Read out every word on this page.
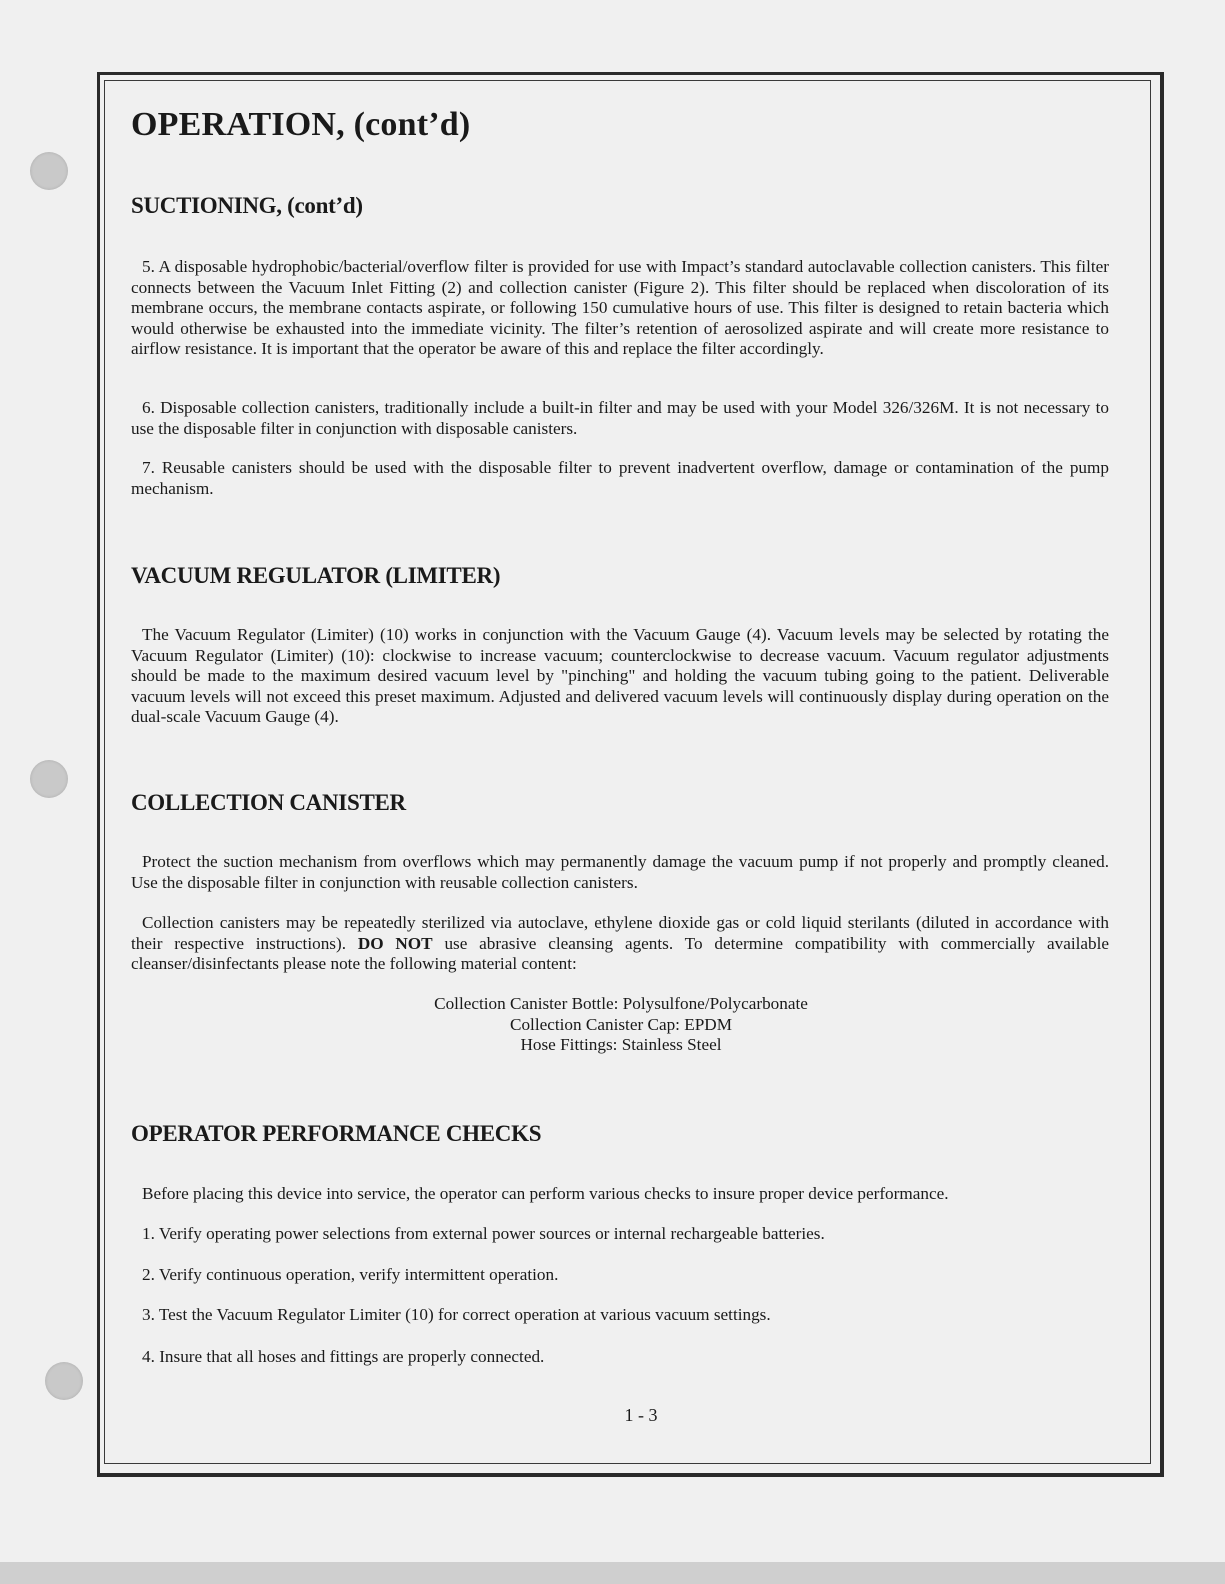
OPERATION, (cont’d)
SUCTIONING, (cont’d)

5. A disposable hydrophobic/bacterial/overflow filter is provided for use with Impact’s standard autoclavable collection canisters. This filter connects between the Vacuum Inlet Fitting (2) and collection canister (Figure 2). This filter should be replaced when discoloration of its membrane occurs, the membrane contacts aspirate, or following 150 cumulative hours of use. This filter is designed to retain bacteria which would otherwise be exhausted into the immediate vicinity. The filter’s retention of aerosolized aspirate and will create more resistance to airflow resistance. It is important that the operator be aware of this and replace the filter accordingly.

6. Disposable collection canisters, traditionally include a built-in filter and may be used with your Model 326/326M. It is not necessary to use the disposable filter in conjunction with disposable canisters.

7. Reusable canisters should be used with the disposable filter to prevent inadvertent overflow, damage or contamination of the pump mechanism.

VACUUM REGULATOR (LIMITER)

The Vacuum Regulator (Limiter) (10) works in conjunction with the Vacuum Gauge (4). Vacuum levels may be selected by rotating the Vacuum Regulator (Limiter) (10): clockwise to increase vacuum; counterclockwise to decrease vacuum. Vacuum regulator adjustments should be made to the maximum desired vacuum level by "pinching" and holding the vacuum tubing going to the patient. Deliverable vacuum levels will not exceed this preset maximum. Adjusted and delivered vacuum levels will continuously display during operation on the dual-scale Vacuum Gauge (4).

COLLECTION CANISTER

Protect the suction mechanism from overflows which may permanently damage the vacuum pump if not properly and promptly cleaned. Use the disposable filter in conjunction with reusable collection canisters.

Collection canisters may be repeatedly sterilized via autoclave, ethylene dioxide gas or cold liquid sterilants (diluted in accordance with their respective instructions). DO NOT use abrasive cleansing agents. To determine compatibility with commercially available cleanser/disinfectants please note the following material content:

Collection Canister Bottle: Polysulfone/Polycarbonate
Collection Canister Cap: EPDM
Hose Fittings: Stainless Steel
OPERATOR PERFORMANCE CHECKS

Before placing this device into service, the operator can perform various checks to insure proper device performance.

1. Verify operating power selections from external power sources or internal rechargeable batteries.

2. Verify continuous operation, verify intermittent operation.

3. Test the Vacuum Regulator Limiter (10) for correct operation at various vacuum settings.

4. Insure that all hoses and fittings are properly connected.

1 - 3
